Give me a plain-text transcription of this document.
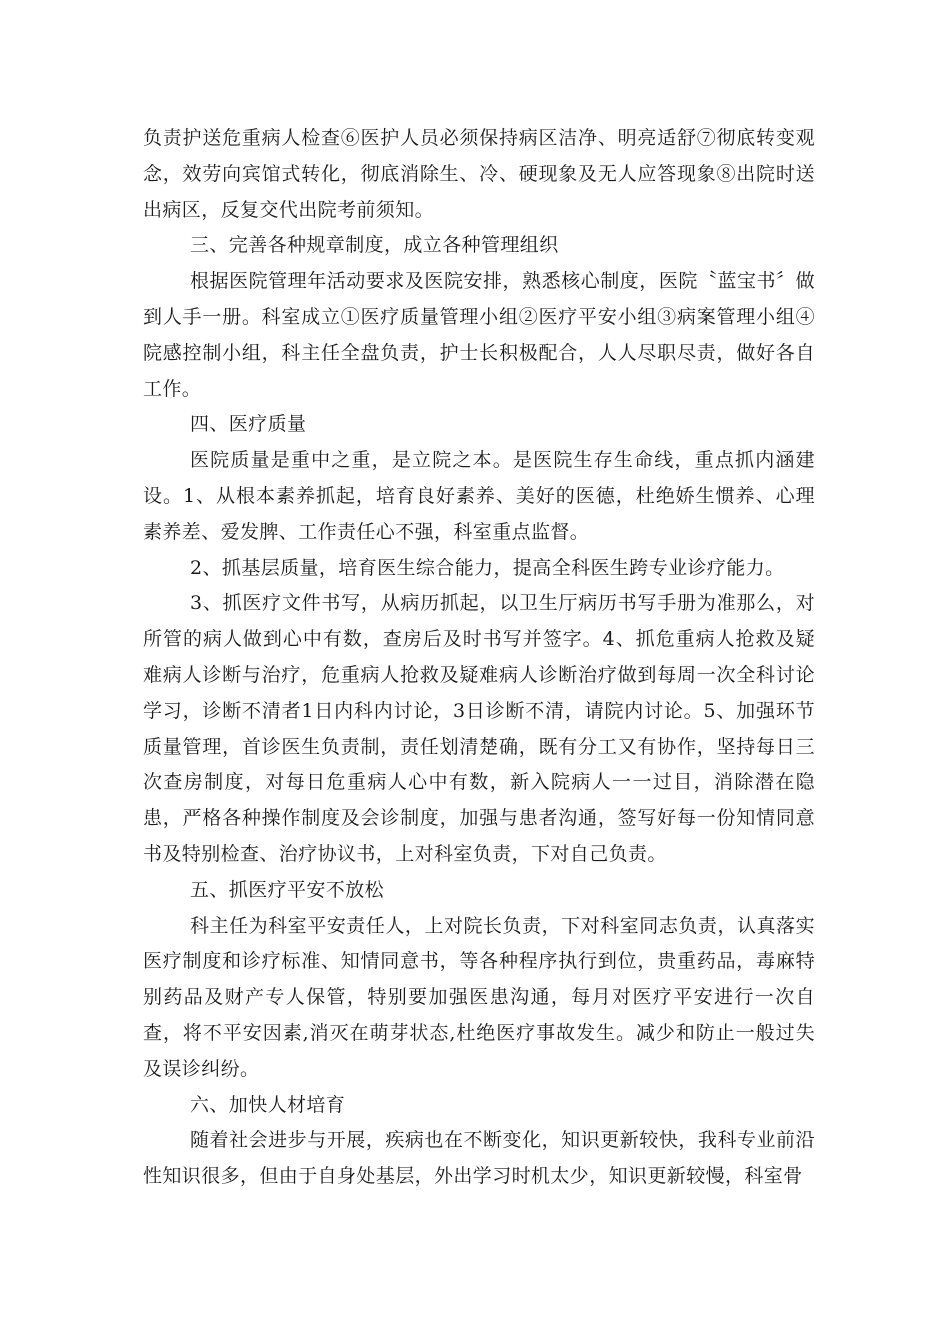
负责护送危重病人检查⑥医护人员必须保持病区洁净、明亮适舒⑦彻底转变观念，效劳向宾馆式转化，彻底消除生、冷、硬现象及无人应答现象⑧出院时送出病区，反复交代出院考前须知。

三、完善各种规章制度，成立各种管理组织

根据医院管理年活动要求及医院安排，熟悉核心制度，医院〝蓝宝书〞做到人手一册。科室成立①医疗质量管理小组②医疗平安小组③病案管理小组④院感控制小组，科主任全盘负责，护士长积极配合，人人尽职尽责，做好各自工作。

四、医疗质量

医院质量是重中之重，是立院之本。是医院生存生命线，重点抓内涵建设。1、从根本素养抓起，培育良好素养、美好的医德，杜绝娇生惯养、心理素养差、爱发脾、工作责任心不强，科室重点监督。

2、抓基层质量，培育医生综合能力，提高全科医生跨专业诊疗能力。

3、抓医疗文件书写，从病历抓起，以卫生厅病历书写手册为准那么，对所管的病人做到心中有数，查房后及时书写并签字。4、抓危重病人抢救及疑难病人诊断与治疗，危重病人抢救及疑难病人诊断治疗做到每周一次全科讨论学习，诊断不清者1日内科内讨论，3日诊断不清，请院内讨论。5、加强环节质量管理，首诊医生负责制，责任划清楚确，既有分工又有协作，坚持每日三次查房制度，对每日危重病人心中有数，新入院病人一一过目，消除潜在隐患，严格各种操作制度及会诊制度，加强与患者沟通，签写好每一份知情同意书及特别检查、治疗协议书，上对科室负责，下对自己负责。

五、抓医疗平安不放松

科主任为科室平安责任人，上对院长负责，下对科室同志负责，认真落实医疗制度和诊疗标准、知情同意书，等各种程序执行到位，贵重药品，毒麻特别药品及财产专人保管，特别要加强医患沟通，每月对医疗平安进行一次自查，将不平安因素,消灭在萌芽状态,杜绝医疗事故发生。减少和防止一般过失及误诊纠纷。

六、加快人材培育

随着社会进步与开展，疾病也在不断变化，知识更新较快，我科专业前沿性知识很多，但由于自身处基层，外出学习时机太少，知识更新较慢，科室骨
